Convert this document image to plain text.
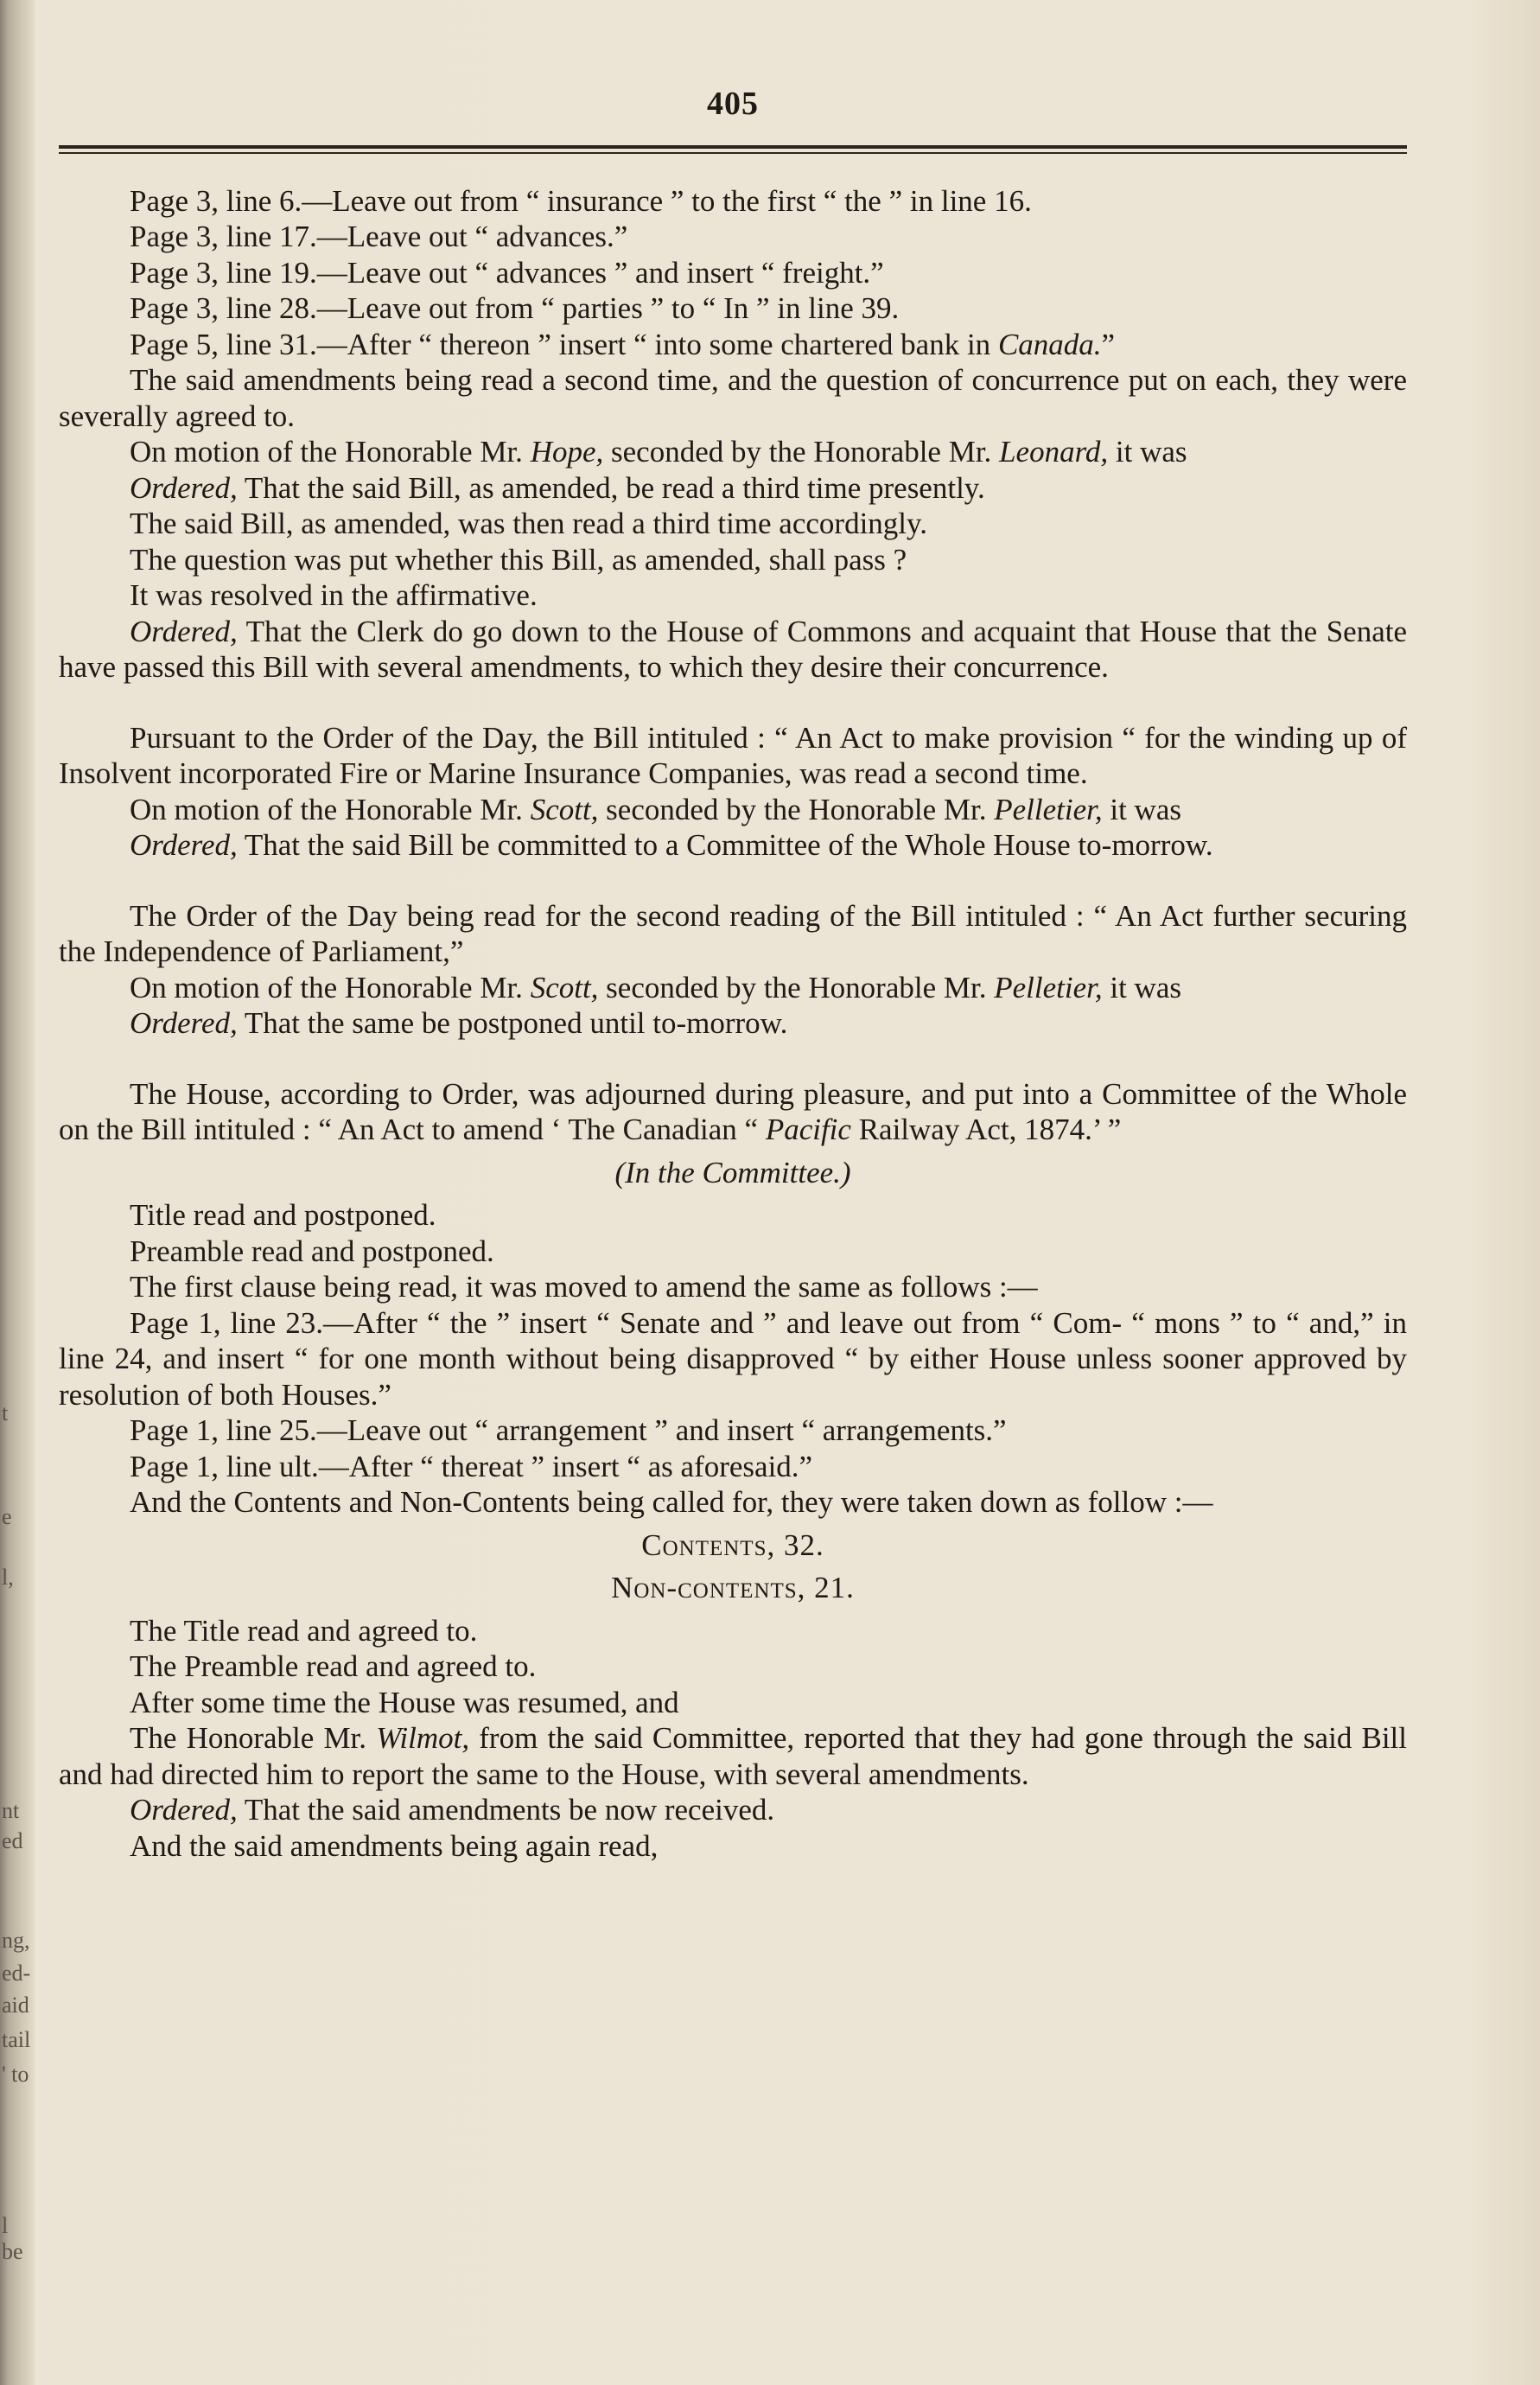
t
e
l,
nt
ed
ng,
ed-
aid
tail
' to
l be
405

Page 3, line 6.—Leave out from “ insurance ” to the first “ the ” in line 16.

Page 3, line 17.—Leave out “ advances.”

Page 3, line 19.—Leave out “ advances ” and insert “ freight.”

Page 3, line 28.—Leave out from “ parties ” to “ In ” in line 39.

Page 5, line 31.—After “ thereon ” insert “ into some chartered bank in Canada.”

The said amendments being read a second time, and the question of concurrence put on each, they were severally agreed to.

On motion of the Honorable Mr. Hope, seconded by the Honorable Mr. Leonard, it was

Ordered, That the said Bill, as amended, be read a third time presently.

The said Bill, as amended, was then read a third time accordingly.

The question was put whether this Bill, as amended, shall pass ?

It was resolved in the affirmative.

Ordered, That the Clerk do go down to the House of Commons and acquaint that House that the Senate have passed this Bill with several amendments, to which they desire their concurrence.

Pursuant to the Order of the Day, the Bill intituled : “ An Act to make provision “ for the winding up of Insolvent incorporated Fire or Marine Insurance Companies, was read a second time.

On motion of the Honorable Mr. Scott, seconded by the Honorable Mr. Pelletier, it was

Ordered, That the said Bill be committed to a Committee of the Whole House to-morrow.

The Order of the Day being read for the second reading of the Bill intituled : “ An Act further securing the Independence of Parliament,”

On motion of the Honorable Mr. Scott, seconded by the Honorable Mr. Pelletier, it was

Ordered, That the same be postponed until to-morrow.

The House, according to Order, was adjourned during pleasure, and put into a Committee of the Whole on the Bill intituled : “ An Act to amend ‘ The Canadian “ Pacific Railway Act, 1874.’ ”

(In the Committee.)

Title read and postponed.

Preamble read and postponed.

The first clause being read, it was moved to amend the same as follows :—

Page 1, line 23.—After “ the ” insert “ Senate and ” and leave out from “ Com- “ mons ” to “ and,” in line 24, and insert “ for one month without being disapproved “ by either House unless sooner approved by resolution of both Houses.”

Page 1, line 25.—Leave out “ arrangement ” and insert “ arrangements.”

Page 1, line ult.—After “ thereat ” insert “ as aforesaid.”

And the Contents and Non-Contents being called for, they were taken down as follow :—

Contents, 32.

Non-contents, 21.

The Title read and agreed to.

The Preamble read and agreed to.

After some time the House was resumed, and

The Honorable Mr. Wilmot, from the said Committee, reported that they had gone through the said Bill and had directed him to report the same to the House, with several amendments.

Ordered, That the said amendments be now received.

And the said amendments being again read,
